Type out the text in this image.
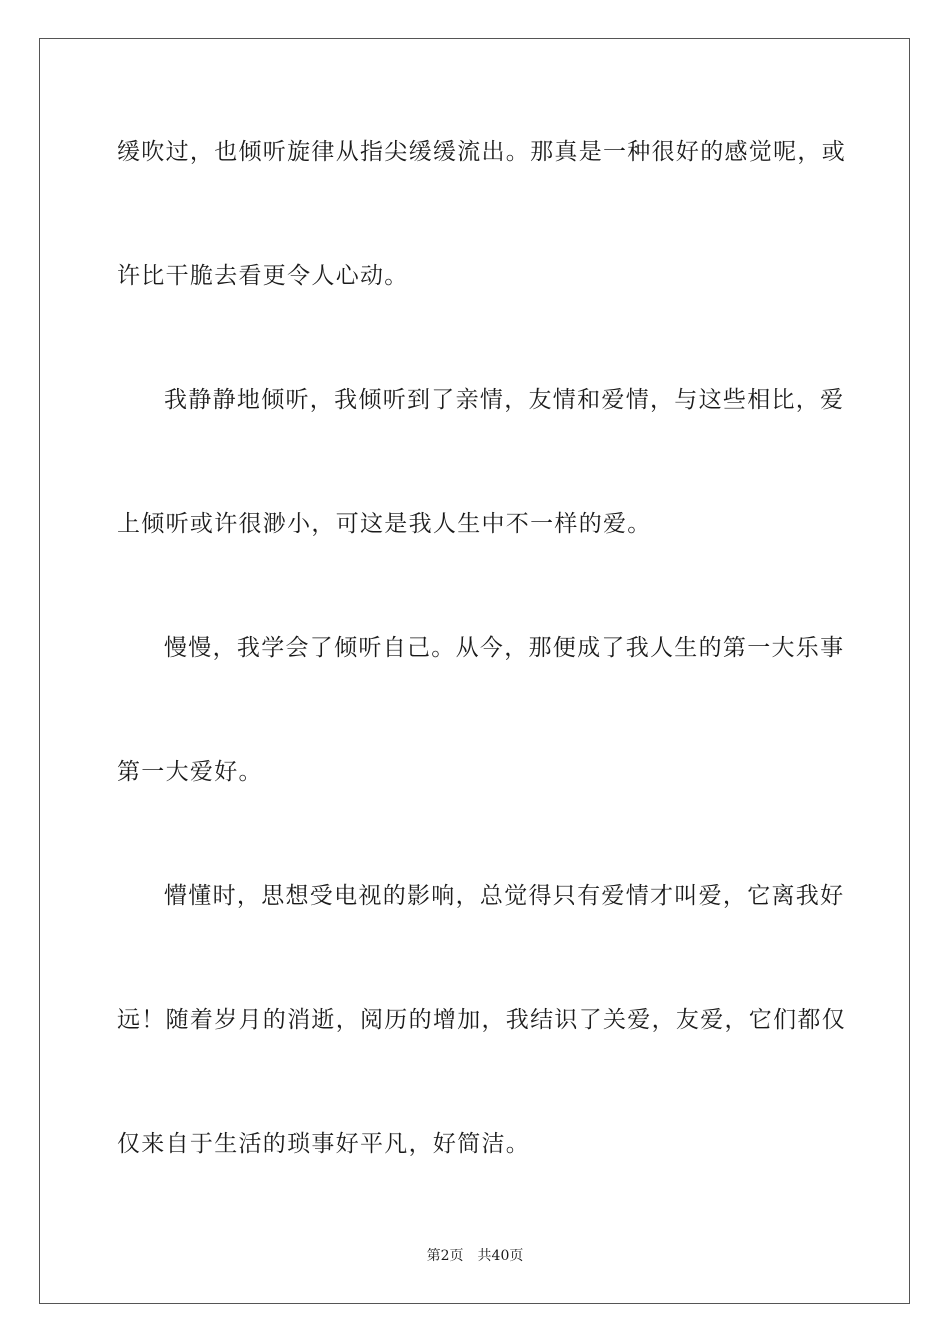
缓吹过，也倾听旋律从指尖缓缓流出。那真是一种很好的感觉呢，或
许比干脆去看更令人心动。
我静静地倾听，我倾听到了亲情，友情和爱情，与这些相比，爱
上倾听或许很渺小，可这是我人生中不一样的爱。
慢慢，我学会了倾听自己。从今，那便成了我人生的第一大乐事
第一大爱好。
懵懂时，思想受电视的影响，总觉得只有爱情才叫爱，它离我好
远！随着岁月的消逝，阅历的增加，我结识了关爱，友爱，它们都仅
仅来自于生活的琐事好平凡，好简洁。
第2页 共40页
